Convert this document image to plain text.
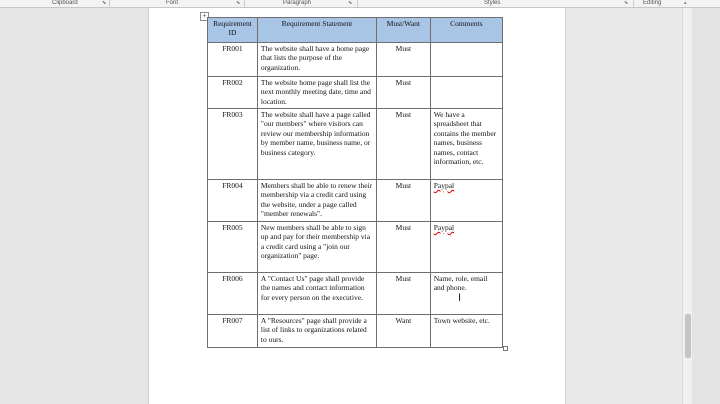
Clipboard	⬊	Font	⬊	Paragraph	⬊	Styles	⬊ Editing	▴
+
Requirement ID	Requirement Statement	Must/Want	Comments
FR001	The website shall have a home page that lists the purpose of the organization.	Must	
FR002	The website home page shall list the next monthly meeting date, time and location.	Must	
FR003	The website shall have a page called "our members" where visitors can review our membership information by member name, business name, or business category.	Must	We have a spreadsheet that contains the member names, business names, contact information, etc.
FR004	Members shall be able to renew their membership via a credit card using the website, under a page called "member renewals".	Must	Paypal
FR005	New members shall be able to sign up and pay for their membership via a credit card using a "join our organization" page.	Must	Paypal
FR006	A "Contact Us" page shall provide the names and contact information for every person on the executive.	Must	Name, role, email and phone.
FR007	A "Resources" page shall provide a list of links to organizations related to ours.	Want	Town website, etc.
I
